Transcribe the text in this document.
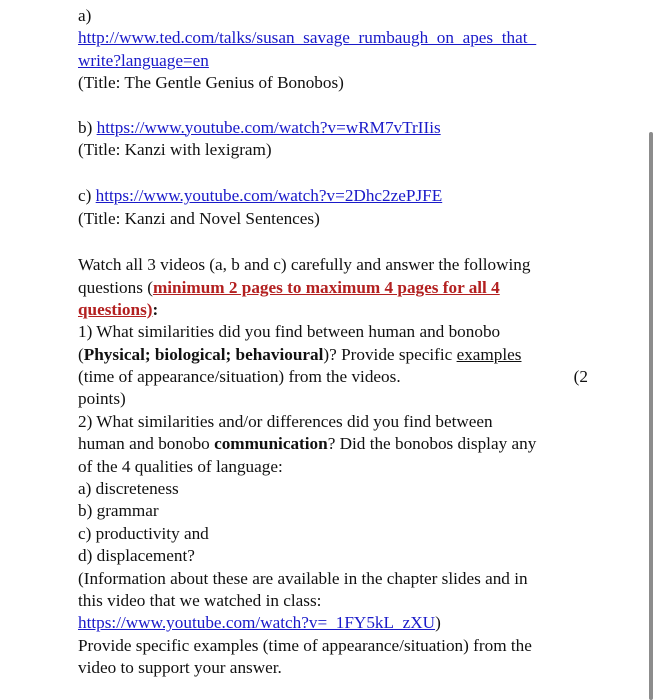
a)
http://www.ted.com/talks/susan_savage_rumbaugh_on_apes_that_
write?language=en
(Title: The Gentle Genius of Bonobos)
b) https://www.youtube.com/watch?v=wRM7vTrIIis
(Title: Kanzi with lexigram)
c) https://www.youtube.com/watch?v=2Dhc2zePJFE
(Title: Kanzi and Novel Sentences)
Watch all 3 videos (a, b and c) carefully and answer the following
questions (minimum 2 pages to maximum 4 pages for all 4
questions):
1) What similarities did you find between human and bonobo
(Physical; biological; behavioural)? Provide specific examples
(time of appearance/situation) from the videos.	(2
points)
2) What similarities and/or differences did you find between
human and bonobo communication? Did the bonobos display any
of the 4 qualities of language:
a) discreteness
b) grammar
c) productivity and
d) displacement?
(Information about these are available in the chapter slides and in
this video that we watched in class:
https://www.youtube.com/watch?v=_1FY5kL_zXU)
Provide specific examples (time of appearance/situation) from the
video to support your answer.
